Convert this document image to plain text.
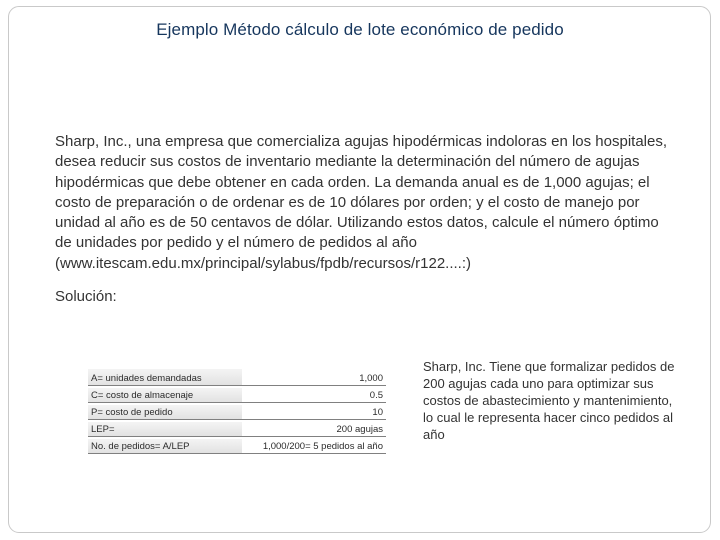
Ejemplo Método cálculo de lote económico de pedido
Sharp, Inc., una empresa que comercializa agujas hipodérmicas indoloras en los hospitales, desea reducir sus costos de inventario mediante la determinación del número de agujas hipodérmicas que debe obtener en cada orden. La demanda anual es de 1,000 agujas; el costo de preparación o de ordenar es de 10 dólares por orden; y el costo de manejo por unidad al año es de 50 centavos de dólar. Utilizando estos datos, calcule el número óptimo de unidades por pedido y el número de pedidos al año (www.itescam.edu.mx/principal/sylabus/fpdb/recursos/r122....:)
Solución:
A= unidades demandadas	1,000
C= costo de almacenaje	0.5
P= costo de pedido	10
LEP=	200 agujas
No. de pedidos= A/LEP	1,000/200= 5 pedidos al año
Sharp, Inc. Tiene que formalizar pedidos de 200 agujas cada uno para optimizar sus costos de abastecimiento y mantenimiento, lo cual le representa hacer cinco pedidos al año
